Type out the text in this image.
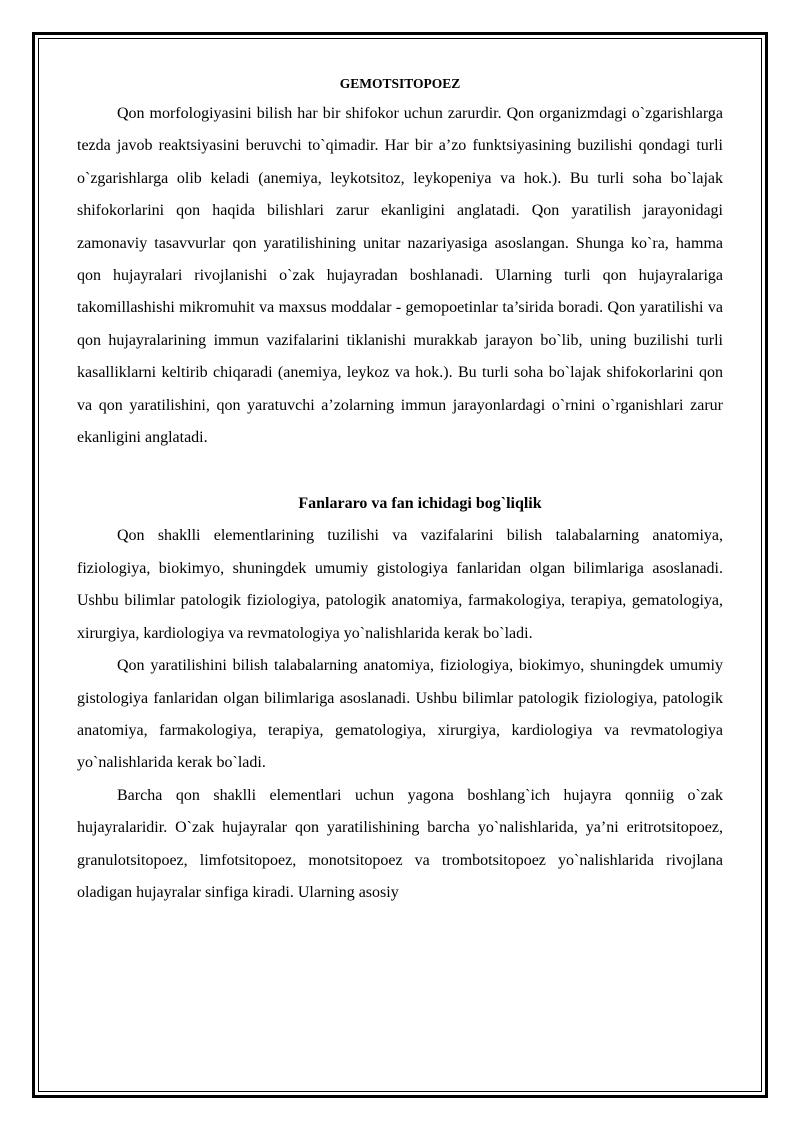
GEMOTSITOPOEZ

Qon morfologiyasini bilish har bir shifokor uchun zarurdir. Qon organizmdagi o`zgarishlarga tezda javob reaktsiyasini beruvchi to`qimadir. Har bir a’zo funktsiyasining buzilishi qondagi turli o`zgarishlarga olib keladi (anemiya, leykotsitoz, leykopeniya va hok.). Bu turli soha bo`lajak shifokorlarini qon haqida bilishlari zarur ekanligini anglatadi. Qon yaratilish jarayonidagi zamonaviy tasavvurlar qon yaratilishining unitar nazariyasiga asoslangan. Shunga ko`ra, hamma qon hujayralari rivojlanishi o`zak hujayradan boshlanadi. Ularning turli qon hujayralariga takomillashishi mikromuhit va maxsus moddalar - gemopoetinlar ta’sirida boradi. Qon yaratilishi va qon hujayralarining immun vazifalarini tiklanishi murakkab jarayon bo`lib, uning buzilishi turli kasalliklarni keltirib chiqaradi (anemiya, leykoz va hok.). Bu turli soha bo`lajak shifokorlarini qon va qon yaratilishini, qon yaratuvchi a’zolarning immun jarayonlardagi o`rnini o`rganishlari zarur ekanligini anglatadi.

Fanlararo va fan ichidagi bog`liqlik

Qon shaklli elementlarining tuzilishi va vazifalarini bilish talabalarning anatomiya, fiziologiya, biokimyo, shuningdek umumiy gistologiya fanlaridan olgan bilimlariga asoslanadi. Ushbu bilimlar patologik fiziologiya, patologik anatomiya, farmakologiya, terapiya, gematologiya, xirurgiya, kardiologiya va revmatologiya yo`nalishlarida kerak bo`ladi.

Qon yaratilishini bilish talabalarning anatomiya, fiziologiya, biokimyo, shuningdek umumiy gistologiya fanlaridan olgan bilimlariga asoslanadi. Ushbu bilimlar patologik fiziologiya, patologik anatomiya, farmakologiya, terapiya, gematologiya, xirurgiya, kardiologiya va revmatologiya yo`nalishlarida kerak bo`ladi.

Barcha qon shaklli elementlari uchun yagona boshlang`ich hujayra qonniig o`zak hujayralaridir. O`zak hujayralar qon yaratilishining barcha yo`nalishlarida, ya’ni eritrotsitopoez, granulotsitopoez, limfotsitopoez, monotsitopoez va trombotsitopoez yo`nalishlarida rivojlana oladigan hujayralar sinfiga kiradi. Ularning asosiy
